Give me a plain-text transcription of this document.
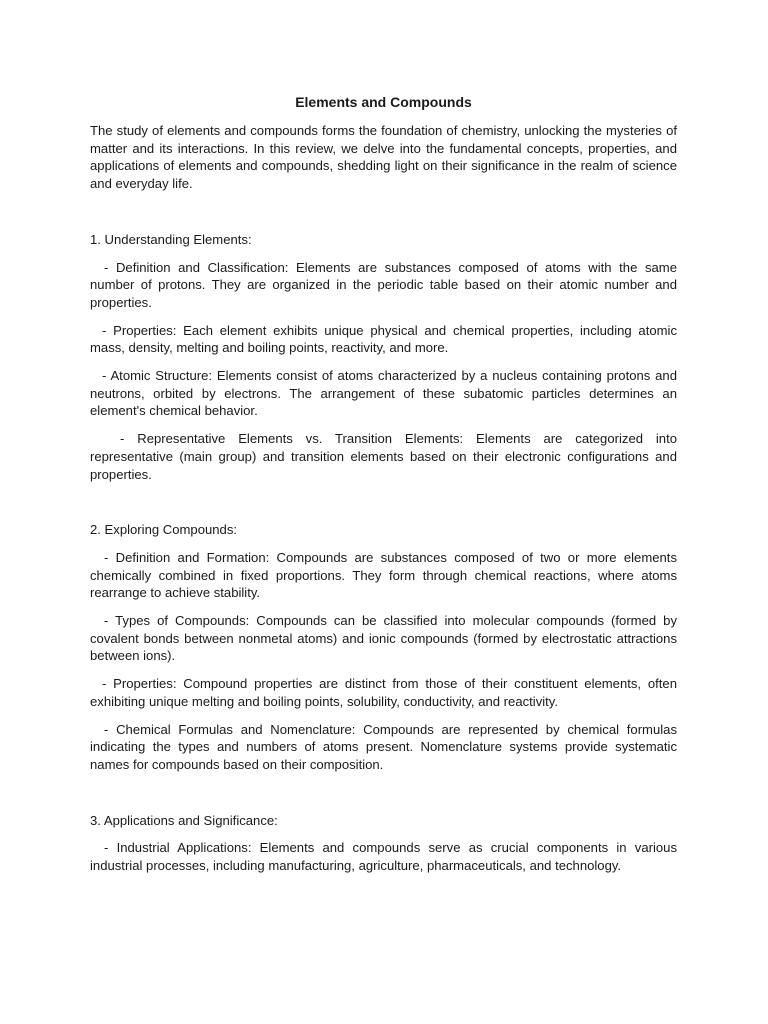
Elements and Compounds
The study of elements and compounds forms the foundation of chemistry, unlocking the mysteries of matter and its interactions. In this review, we delve into the fundamental concepts, properties, and applications of elements and compounds, shedding light on their significance in the realm of science and everyday life.
1. Understanding Elements:
- Definition and Classification: Elements are substances composed of atoms with the same number of protons. They are organized in the periodic table based on their atomic number and properties.
- Properties: Each element exhibits unique physical and chemical properties, including atomic mass, density, melting and boiling points, reactivity, and more.
- Atomic Structure: Elements consist of atoms characterized by a nucleus containing protons and neutrons, orbited by electrons. The arrangement of these subatomic particles determines an element's chemical behavior.
- Representative Elements vs. Transition Elements: Elements are categorized into representative (main group) and transition elements based on their electronic configurations and properties.
2. Exploring Compounds:
- Definition and Formation: Compounds are substances composed of two or more elements chemically combined in fixed proportions. They form through chemical reactions, where atoms rearrange to achieve stability.
- Types of Compounds: Compounds can be classified into molecular compounds (formed by covalent bonds between nonmetal atoms) and ionic compounds (formed by electrostatic attractions between ions).
- Properties: Compound properties are distinct from those of their constituent elements, often exhibiting unique melting and boiling points, solubility, conductivity, and reactivity.
- Chemical Formulas and Nomenclature: Compounds are represented by chemical formulas indicating the types and numbers of atoms present. Nomenclature systems provide systematic names for compounds based on their composition.
3. Applications and Significance:
- Industrial Applications: Elements and compounds serve as crucial components in various industrial processes, including manufacturing, agriculture, pharmaceuticals, and technology.
